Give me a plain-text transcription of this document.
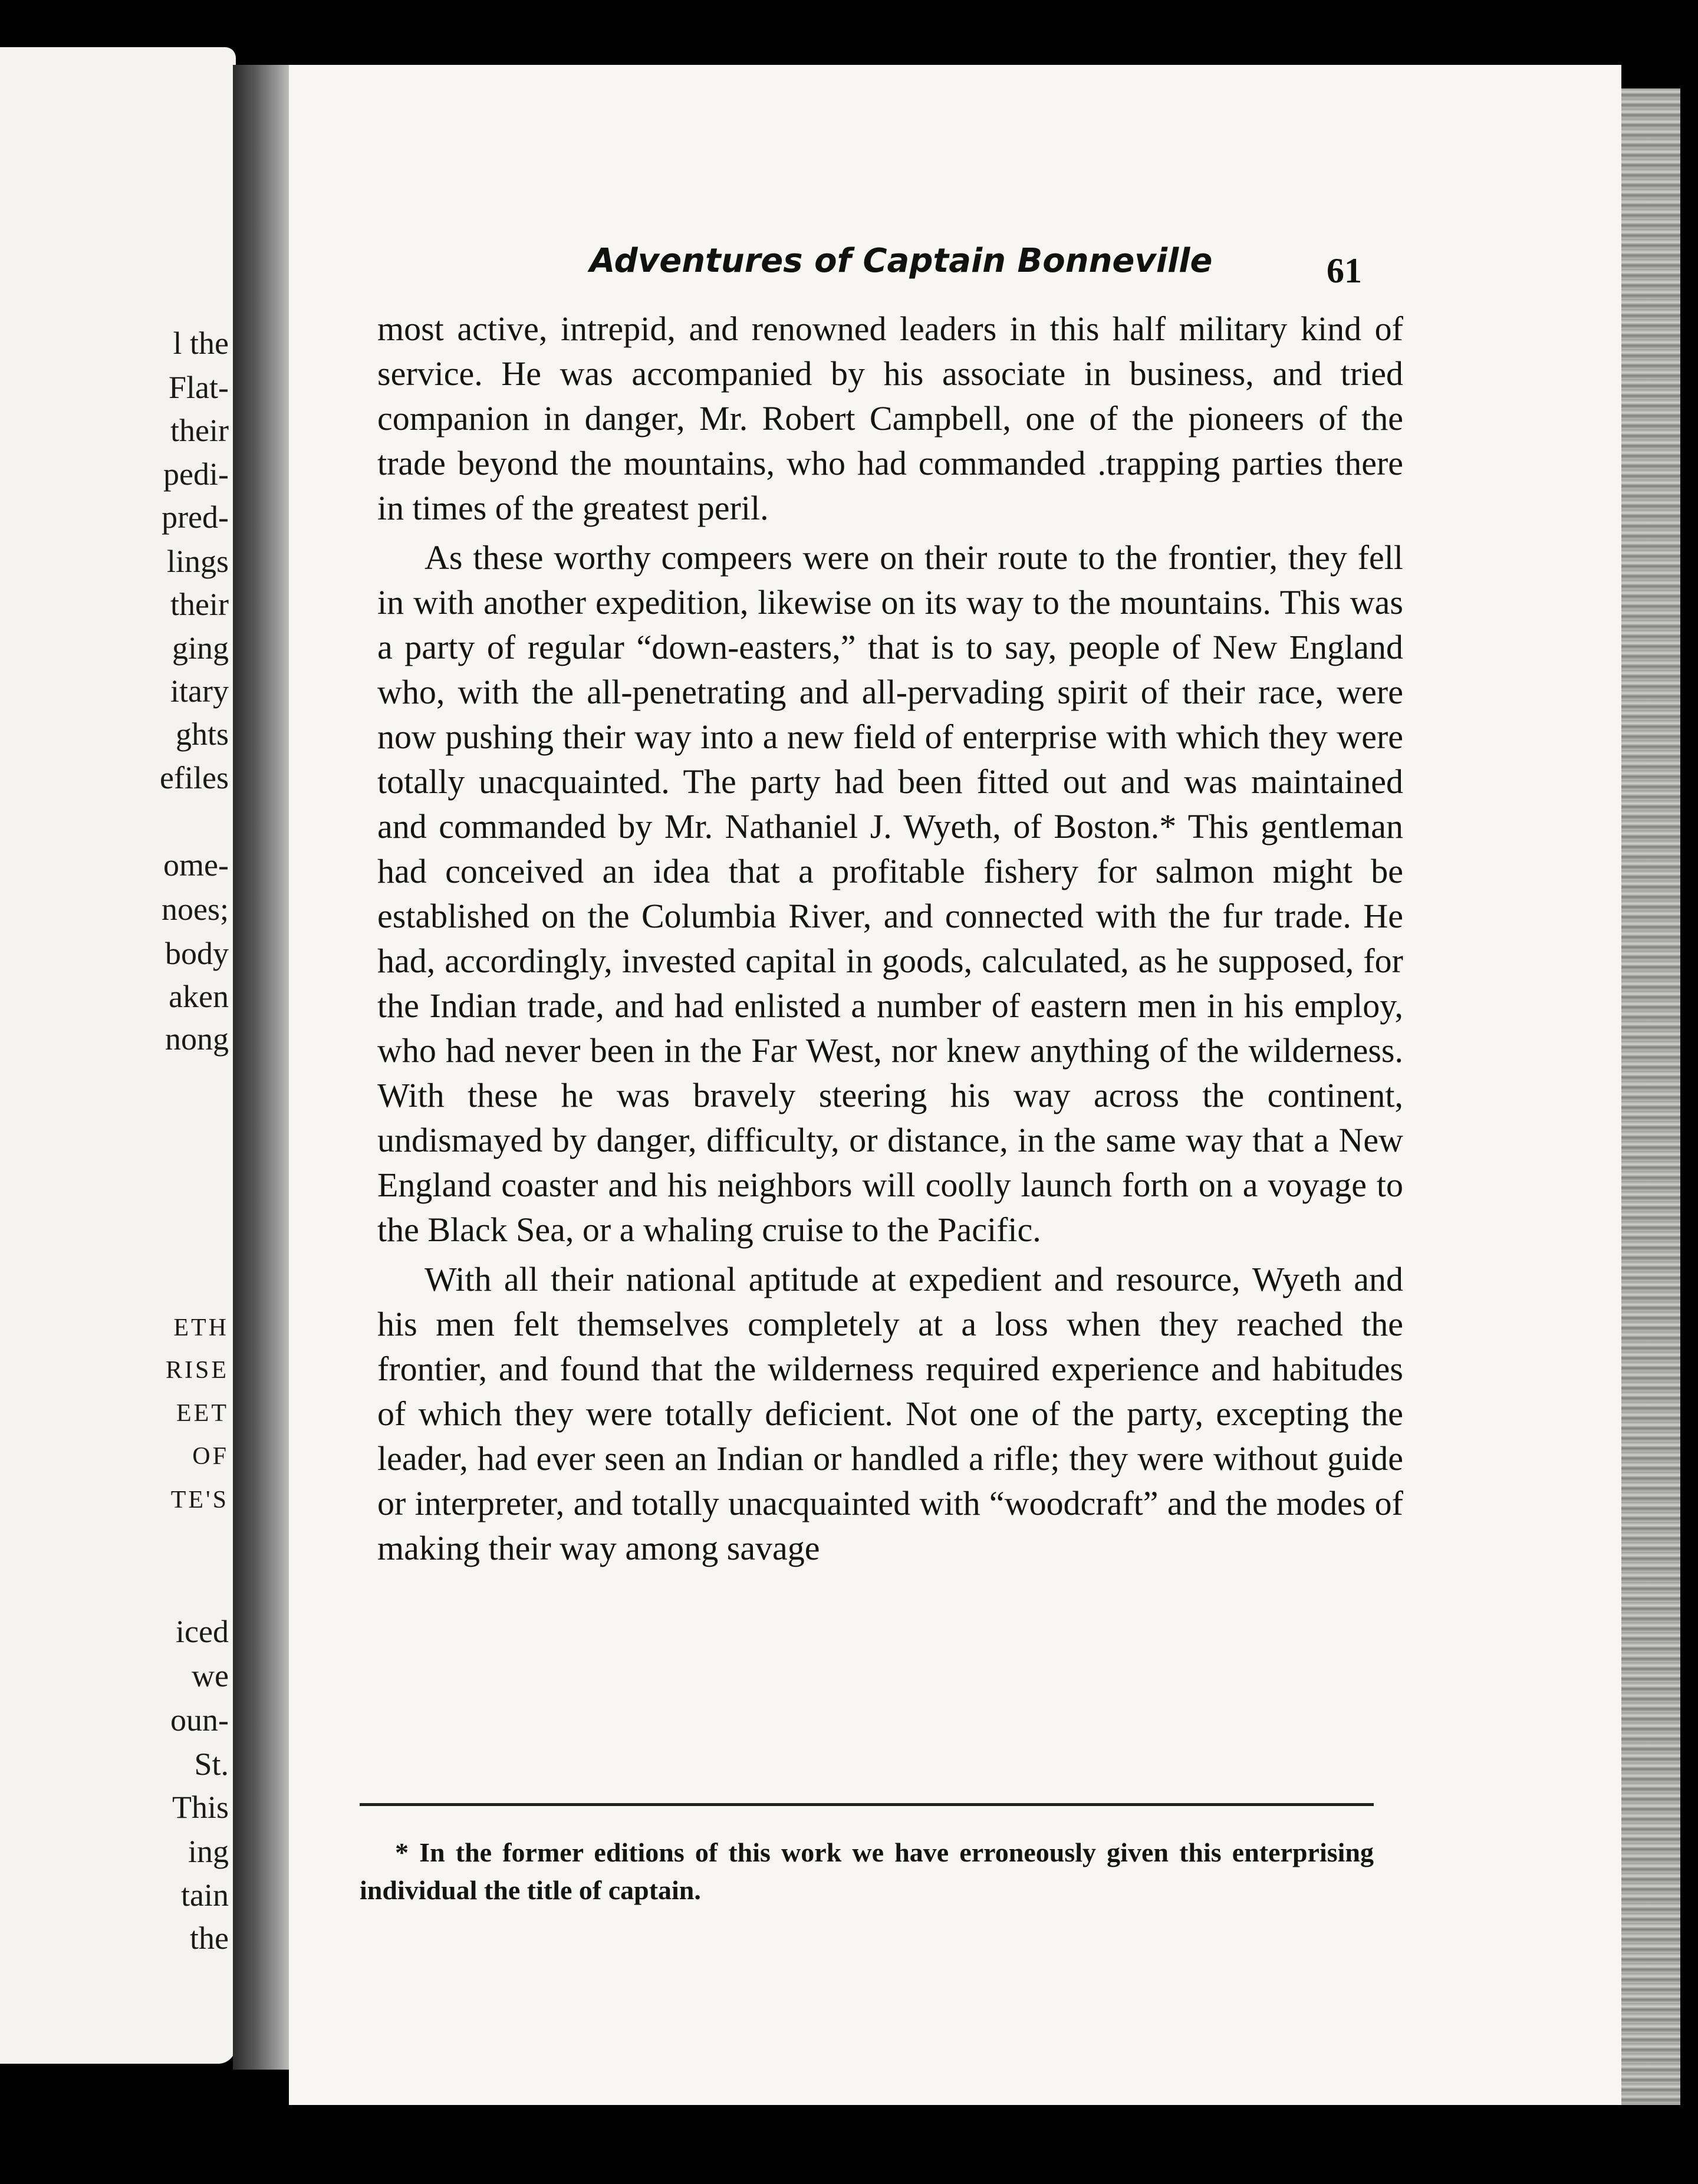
l the
Flat-
their
pedi-
pred-
lings
their
ging
itary
ghts
efiles
ome-
noes;
body
aken
nong
ETH
RISE
EET
OF
TE'S
iced
we
oun-
St.
This
ing
tain
the
Adventures of Captain Bonneville	61

most active, intrepid, and renowned leaders in this half military kind of service. He was accompanied by his associate in business, and tried companion in danger, Mr. Robert Campbell, one of the pioneers of the trade beyond the mountains, who had commanded .trapping parties there in times of the greatest peril.

As these worthy compeers were on their route to the frontier, they fell in with another expedition, likewise on its way to the mountains. This was a party of regular “down-easters,” that is to say, people of New England who, with the all-penetrating and all-pervading spirit of their race, were now pushing their way into a new field of enterprise with which they were totally unacquainted. The party had been fitted out and was maintained and commanded by Mr. Nathaniel J. Wyeth, of Boston.* This gentleman had conceived an idea that a profitable fishery for salmon might be established on the Columbia River, and connected with the fur trade. He had, accordingly, invested capital in goods, calculated, as he supposed, for the Indian trade, and had enlisted a number of eastern men in his employ, who had never been in the Far West, nor knew anything of the wilderness. With these he was bravely steering his way across the continent, undismayed by danger, difficulty, or distance, in the same way that a New England coaster and his neighbors will coolly launch forth on a voyage to the Black Sea, or a whaling cruise to the Pacific.

With all their national aptitude at expedient and resource, Wyeth and his men felt themselves completely at a loss when they reached the frontier, and found that the wilderness required experience and habitudes of which they were totally deficient. Not one of the party, excepting the leader, had ever seen an Indian or handled a rifle; they were without guide or interpreter, and totally unacquainted with “woodcraft” and the modes of making their way among savage

* In the former editions of this work we have erroneously given this enterprising individual the title of captain.
